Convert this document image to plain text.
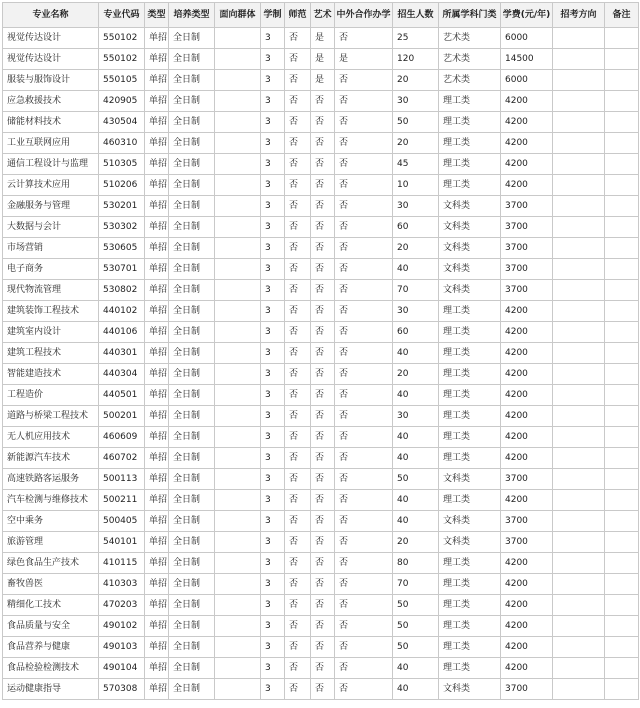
专业名称	专业代码	类型	培养类型	面向群体	学制	师范	艺术	中外合作办学	招生人数	所属学科门类	学费(元/年)	招考方向	备注
视觉传达设计	550102	单招	全日制		3	否	是	否	25	艺术类	6000		
视觉传达设计	550102	单招	全日制		3	否	是	是	120	艺术类	14500		
服装与服饰设计	550105	单招	全日制		3	否	是	否	20	艺术类	6000		
应急救援技术	420905	单招	全日制		3	否	否	否	30	理工类	4200		
储能材料技术	430504	单招	全日制		3	否	否	否	50	理工类	4200		
工业互联网应用	460310	单招	全日制		3	否	否	否	20	理工类	4200		
通信工程设计与监理	510305	单招	全日制		3	否	否	否	45	理工类	4200		
云计算技术应用	510206	单招	全日制		3	否	否	否	10	理工类	4200		
金融服务与管理	530201	单招	全日制		3	否	否	否	30	文科类	3700		
大数据与会计	530302	单招	全日制		3	否	否	否	60	文科类	3700		
市场营销	530605	单招	全日制		3	否	否	否	20	文科类	3700		
电子商务	530701	单招	全日制		3	否	否	否	40	文科类	3700		
现代物流管理	530802	单招	全日制		3	否	否	否	70	文科类	3700		
建筑装饰工程技术	440102	单招	全日制		3	否	否	否	30	理工类	4200		
建筑室内设计	440106	单招	全日制		3	否	否	否	60	理工类	4200		
建筑工程技术	440301	单招	全日制		3	否	否	否	40	理工类	4200		
智能建造技术	440304	单招	全日制		3	否	否	否	20	理工类	4200		
工程造价	440501	单招	全日制		3	否	否	否	40	理工类	4200		
道路与桥梁工程技术	500201	单招	全日制		3	否	否	否	30	理工类	4200		
无人机应用技术	460609	单招	全日制		3	否	否	否	40	理工类	4200		
新能源汽车技术	460702	单招	全日制		3	否	否	否	40	理工类	4200		
高速铁路客运服务	500113	单招	全日制		3	否	否	否	50	文科类	3700		
汽车检测与维修技术	500211	单招	全日制		3	否	否	否	40	理工类	4200		
空中乘务	500405	单招	全日制		3	否	否	否	40	文科类	3700		
旅游管理	540101	单招	全日制		3	否	否	否	20	文科类	3700		
绿色食品生产技术	410115	单招	全日制		3	否	否	否	80	理工类	4200		
畜牧兽医	410303	单招	全日制		3	否	否	否	70	理工类	4200		
精细化工技术	470203	单招	全日制		3	否	否	否	50	理工类	4200		
食品质量与安全	490102	单招	全日制		3	否	否	否	50	理工类	4200		
食品营养与健康	490103	单招	全日制		3	否	否	否	50	理工类	4200		
食品检验检测技术	490104	单招	全日制		3	否	否	否	40	理工类	4200		
运动健康指导	570308	单招	全日制		3	否	否	否	40	文科类	3700		
